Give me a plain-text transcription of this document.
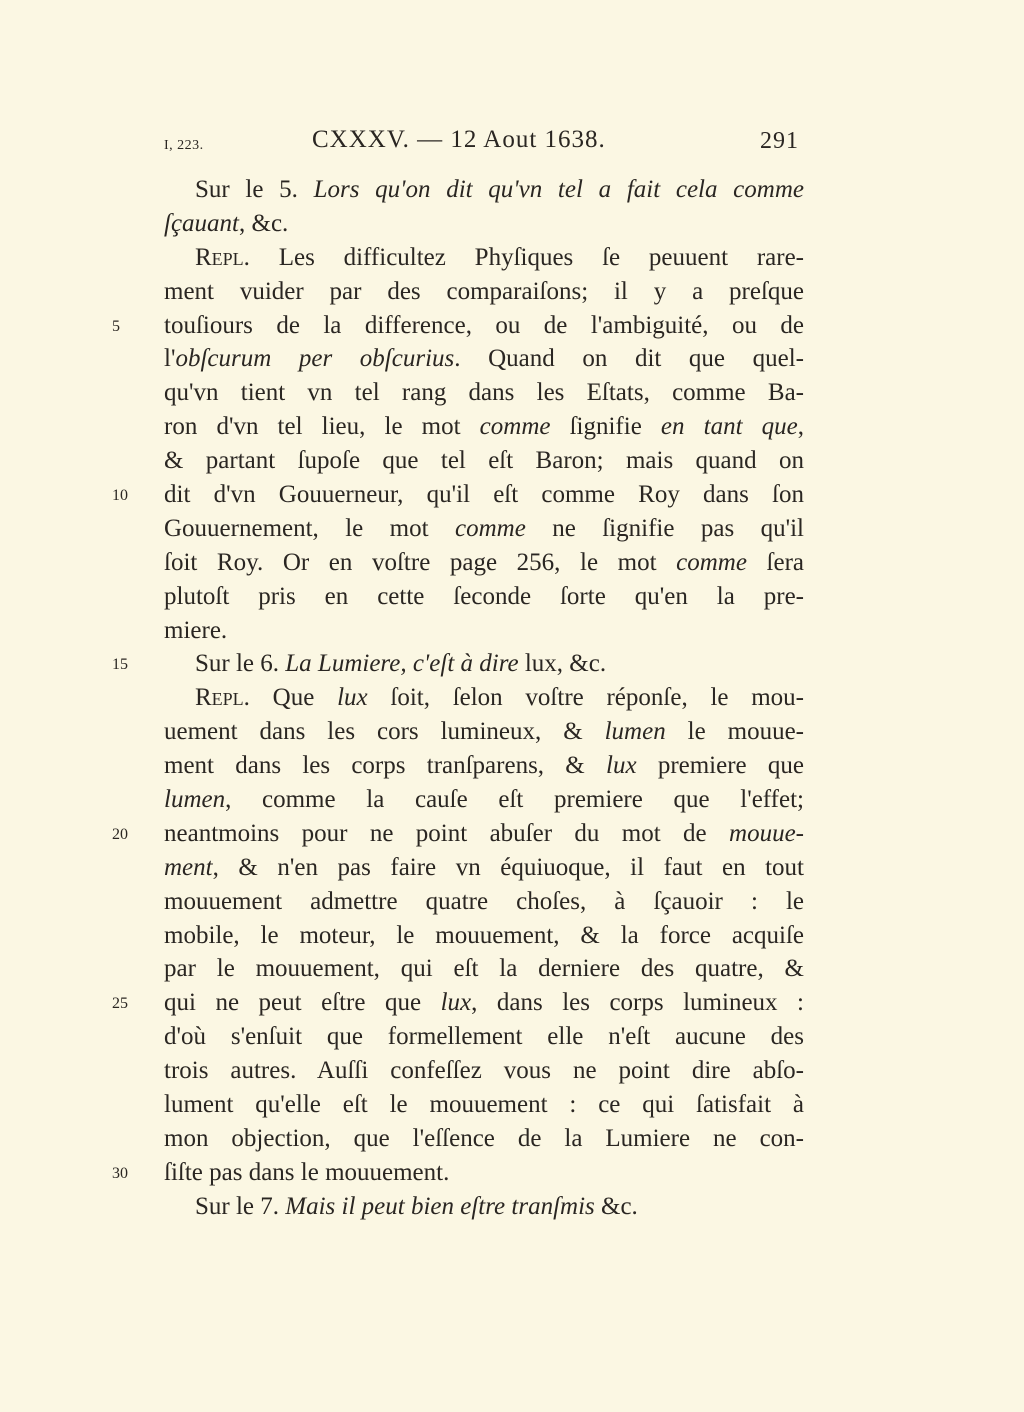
I, 223.	CXXXV. — 12 Aout 1638.	291
Sur le 5. Lors qu'on dit qu'vn tel a fait cela comme
ſçauant, &c.
Repl. Les difficultez Phyſiques ſe peuuent rare-
ment vuider par des comparaiſons; il y a preſque
5	touſiours de la difference, ou de l'ambiguité, ou de
l'obſcurum per obſcurius. Quand on dit que quel-
qu'vn tient vn tel rang dans les Eſtats, comme Ba-
ron d'vn tel lieu, le mot comme ſignifie en tant que,
& partant ſupoſe que tel eſt Baron; mais quand on
10	dit d'vn Gouuerneur, qu'il eſt comme Roy dans ſon
Gouuernement, le mot comme ne ſignifie pas qu'il
ſoit Roy. Or en voſtre page 256, le mot comme ſera
plutoſt pris en cette ſeconde ſorte qu'en la pre-
miere.
15	Sur le 6. La Lumiere, c'eſt à dire lux, &c.
Repl. Que lux ſoit, ſelon voſtre réponſe, le mou-
uement dans les cors lumineux, & lumen le mouue-
ment dans les corps tranſparens, & lux premiere que
lumen, comme la cauſe eſt premiere que l'effet;
20	neantmoins pour ne point abuſer du mot de mouue-
ment, & n'en pas faire vn équiuoque, il faut en tout
mouuement admettre quatre choſes, à ſçauoir : le
mobile, le moteur, le mouuement, & la force acquiſe
par le mouuement, qui eſt la derniere des quatre, &
25	qui ne peut eſtre que lux, dans les corps lumineux :
d'où s'enſuit que formellement elle n'eſt aucune des
trois autres. Auſſi confeſſez vous ne point dire abſo-
lument qu'elle eſt le mouuement : ce qui ſatisfait à
mon objection, que l'eſſence de la Lumiere ne con-
30	ſiſte pas dans le mouuement.
Sur le 7. Mais il peut bien eſtre tranſmis &c.
